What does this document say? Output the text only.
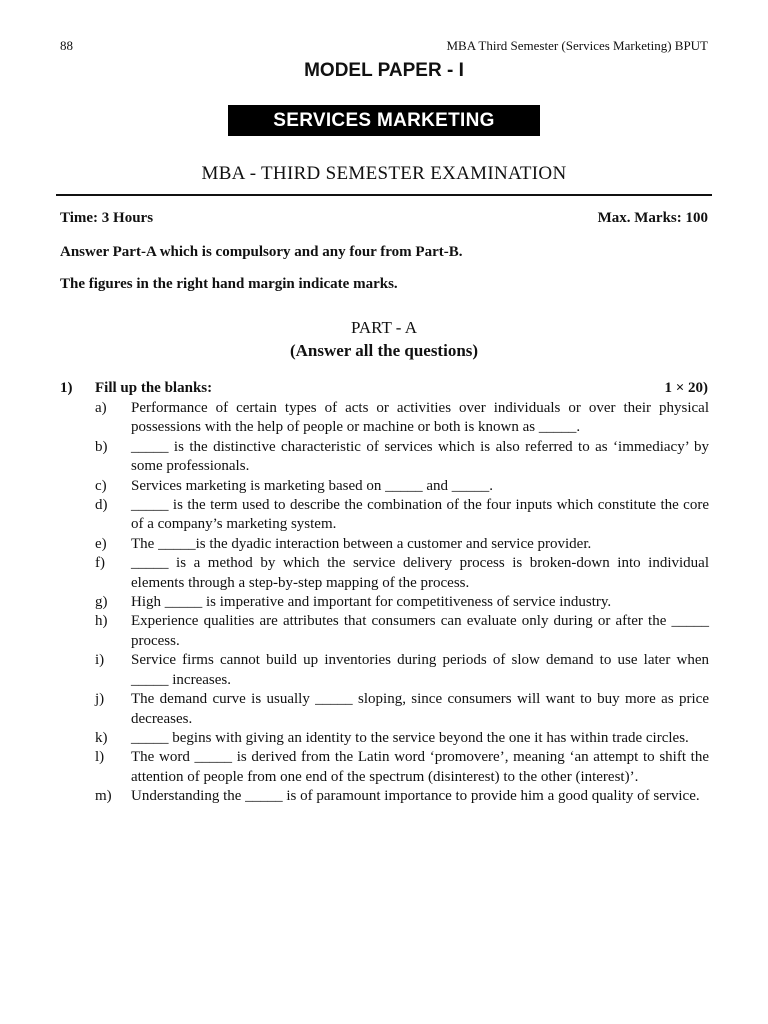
88	MBA Third Semester (Services Marketing) BPUT
MODEL PAPER - I
SERVICES MARKETING
MBA - THIRD SEMESTER EXAMINATION
Time: 3 Hours	Max. Marks: 100
Answer Part-A which is compulsory and any four from Part-B.
The figures in the right hand margin indicate marks.
PART - A
(Answer all the questions)
1)	Fill up the blanks:	1 × 20)
a)	Performance of certain types of acts or activities over individuals or over their physical possessions with the help of people or machine or both is known as _____.
b)	_____ is the distinctive characteristic of services which is also referred to as ‘immediacy’ by some professionals.
c)	Services marketing is marketing based on _____ and _____.
d)	_____ is the term used to describe the combination of the four inputs which constitute the core of a company’s marketing system.
e)	The _____is the dyadic interaction between a customer and service provider.
f)	_____ is a method by which the service delivery process is broken-down into individual elements through a step-by-step mapping of the process.
g)	High _____ is imperative and important for competitiveness of service industry.
h)	Experience qualities are attributes that consumers can evaluate only during or after the _____ process.
i)	Service firms cannot build up inventories during periods of slow demand to use later when _____ increases.
j)	The demand curve is usually _____ sloping, since consumers will want to buy more as price decreases.
k)	_____ begins with giving an identity to the service beyond the one it has within trade circles.
l)	The word _____ is derived from the Latin word ‘promovere’, meaning ‘an attempt to shift the attention of people from one end of the spectrum (disinterest) to the other (interest)’.
m)	Understanding the _____ is of paramount importance to provide him a good quality of service.
